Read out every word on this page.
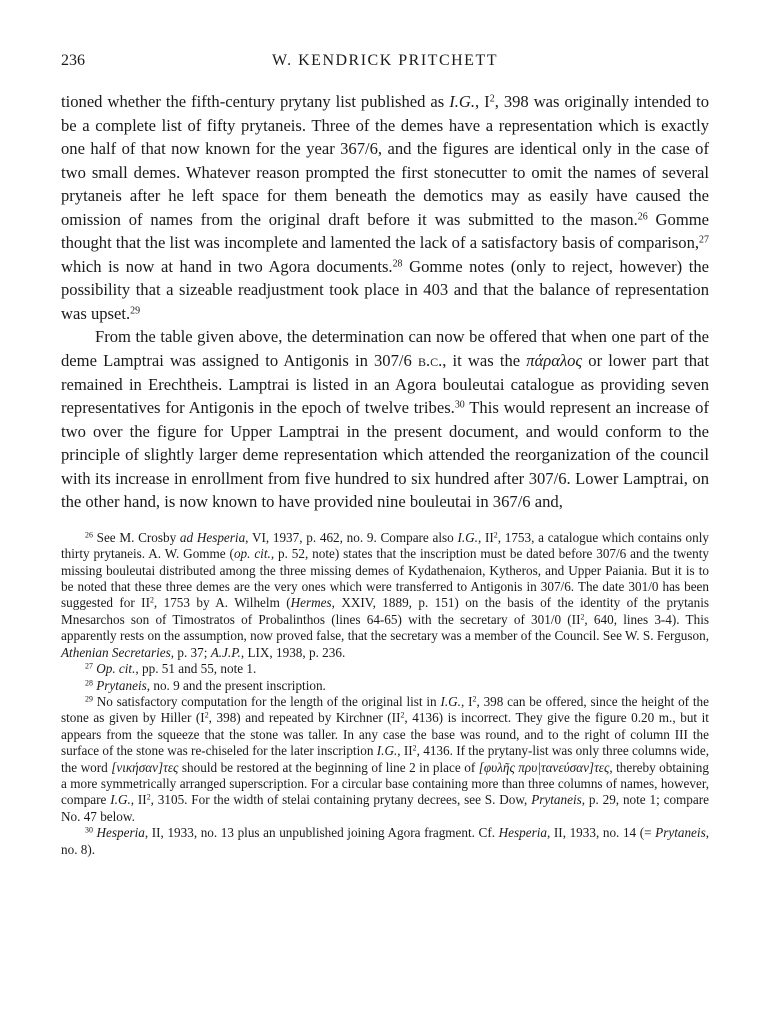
236	W. KENDRICK PRITCHETT

tioned whether the fifth-century prytany list published as I.G., $I^2$, 398 was originally intended to be a complete list of fifty prytaneis. Three of the demes have a representation which is exactly one half of that now known for the year 367/6, and the figures are identical only in the case of two small demes. Whatever reason prompted the first stonecutter to omit the names of several prytaneis after he left space for them beneath the demotics may as easily have caused the omission of names from the original draft before it was submitted to the mason.$^{26}$ Gomme thought that the list was incomplete and lamented the lack of a satisfactory basis of comparison,$^{27}$ which is now at hand in two Agora documents.$^{28}$ Gomme notes (only to reject, however) the possibility that a sizeable readjustment took place in 403 and that the balance of representation was upset.$^{29}$

From the table given above, the determination can now be offered that when one part of the deme Lamptrai was assigned to Antigonis in 307/6 b.c., it was the πάραλος or lower part that remained in Erechtheis. Lamptrai is listed in an Agora bouleutai catalogue as providing seven representatives for Antigonis in the epoch of twelve tribes.$^{30}$ This would represent an increase of two over the figure for Upper Lamptrai in the present document, and would conform to the principle of slightly larger deme representation which attended the reorganization of the council with its increase in enrollment from five hundred to six hundred after 307/6. Lower Lamptrai, on the other hand, is now known to have provided nine bouleutai in 367/6 and,

$^{26}$ See M. Crosby ad Hesperia, VI, 1937, p. 462, no. 9. Compare also I.G., $II^2$, 1753, a catalogue which contains only thirty prytaneis. A. W. Gomme (op. cit., p. 52, note) states that the inscription must be dated before 307/6 and the twenty missing bouleutai distributed among the three missing demes of Kydathenaion, Kytheros, and Upper Paiania. But it is to be noted that these three demes are the very ones which were transferred to Antigonis in 307/6. The date 301/0 has been suggested for $II^2$, 1753 by A. Wilhelm (Hermes, XXIV, 1889, p. 151) on the basis of the identity of the prytanis Mnesarchos son of Timostratos of Probalinthos (lines 64-65) with the secretary of 301/0 ($II^2$, 640, lines 3-4). This apparently rests on the assumption, now proved false, that the secretary was a member of the Council. See W. S. Ferguson, Athenian Secretaries, p. 37; A.J.P., LIX, 1938, p. 236.

$^{27}$ Op. cit., pp. 51 and 55, note 1.

$^{28}$ Prytaneis, no. 9 and the present inscription.

$^{29}$ No satisfactory computation for the length of the original list in I.G., $I^2$, 398 can be offered, since the height of the stone as given by Hiller ($I^2$, 398) and repeated by Kirchner ($II^2$, 4136) is incorrect. They give the figure 0.20 m., but it appears from the squeeze that the stone was taller. In any case the base was round, and to the right of column III the surface of the stone was re-chiseled for the later inscription I.G., $II^2$, 4136. If the prytany-list was only three columns wide, the word [νικήσαν]τες should be restored at the beginning of line 2 in place of [φυλῆς πρυ|τανεύσαν]τες, thereby obtaining a more symmetrically arranged superscription. For a circular base containing more than three columns of names, however, compare I.G., $II^2$, 3105. For the width of stelai containing prytany decrees, see S. Dow, Prytaneis, p. 29, note 1; compare No. 47 below.

$^{30}$ Hesperia, II, 1933, no. 13 plus an unpublished joining Agora fragment. Cf. Hesperia, II, 1933, no. 14 (= Prytaneis, no. 8).
